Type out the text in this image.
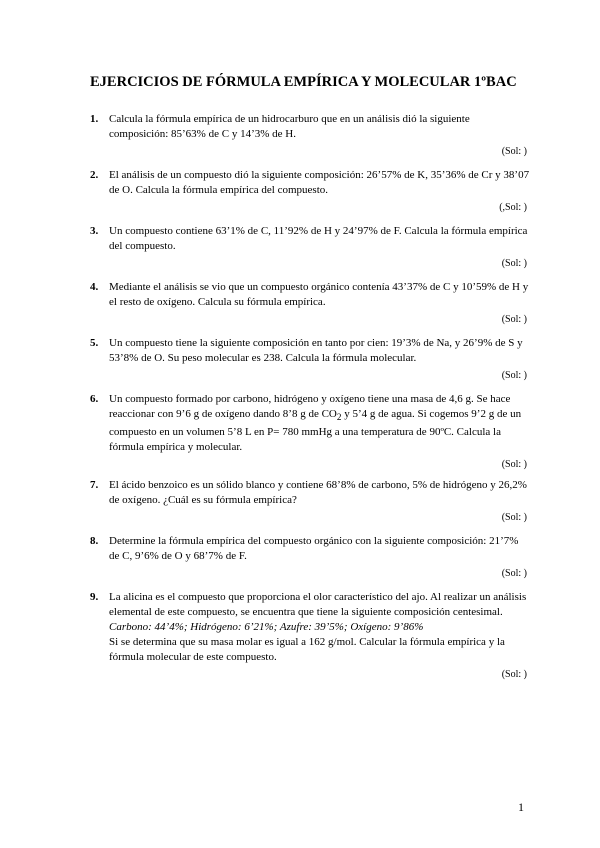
EJERCICIOS DE FÓRMULA EMPÍRICA Y MOLECULAR 1ºBAC
1. Calcula la fórmula empírica de un hidrocarburo que en un análisis dió la siguiente composición: 85’63% de C y 14’3% de H.
(Sol: )
2. El análisis de un compuesto dió la siguiente composición: 26’57% de K, 35’36% de Cr y 38’07 de O. Calcula la fórmula empírica del compuesto.
(,Sol: )
3. Un compuesto contiene 63’1% de C, 11’92% de H y 24’97% de F. Calcula la fórmula empírica del compuesto.
(Sol: )
4. Mediante el análisis se vio que un compuesto orgánico contenía 43’37% de C y 10’59% de H y el resto de oxígeno. Calcula su fórmula empírica.
(Sol: )
5. Un compuesto tiene la siguiente composición en tanto por cien: 19’3% de Na, y 26’9% de S y 53’8% de O. Su peso molecular es 238. Calcula la fórmula molecular.
(Sol: )
6. Un compuesto formado por carbono, hidrógeno y oxígeno tiene una masa de 4,6 g. Se hace reaccionar con 9’6 g de oxígeno dando 8’8 g de $CO_2$ y 5’4 g de agua. Si cogemos 9’2 g de un compuesto en un volumen 5’8 L en P= 780 mmHg a una temperatura de 90ºC. Calcula la fórmula empírica y molecular.
(Sol: )
7. El ácido benzoico es un sólido blanco y contiene 68’8% de carbono, 5% de hidrógeno y 26,2% de oxígeno. ¿Cuál es su fórmula empírica?
(Sol: )
8. Determine la fórmula empírica del compuesto orgánico con la siguiente composición: 21’7% de C, 9’6% de O y 68’7% de F.
(Sol: )
9. La alicina es el compuesto que proporciona el olor característico del ajo. Al realizar un análisis elemental de este compuesto, se encuentra que tiene la siguiente composición centesimal.
Carbono: 44’4%; Hidrógeno: 6’21%; Azufre: 39’5%; Oxígeno: 9’86%
Si se determina que su masa molar es igual a 162 g/mol. Calcular la fórmula empírica y la fórmula molecular de este compuesto.
(Sol: )
1
